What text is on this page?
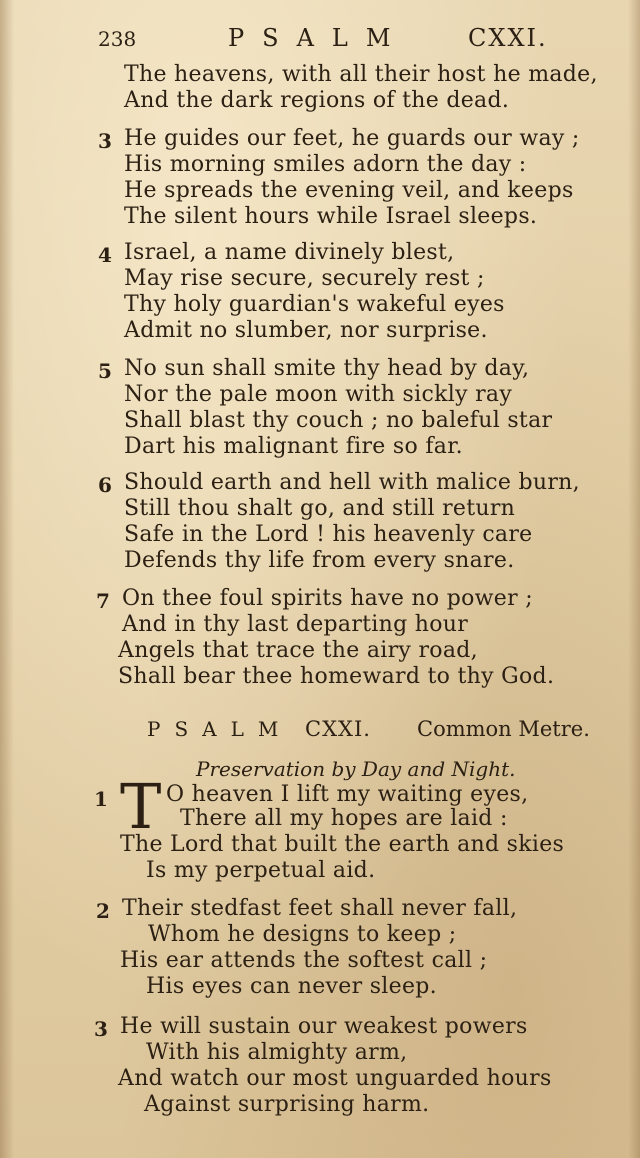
238	PSALM CXXI.
The heavens, with all their host he made,
And the dark regions of the dead.
3 He guides our feet, he guards our way ;
His morning smiles adorn the day :
He spreads the evening veil, and keeps
The silent hours while Israel sleeps.
4 Israel, a name divinely blest,
May rise secure, securely rest ;
Thy holy guardian's wakeful eyes
Admit no slumber, nor surprise.
5 No sun shall smite thy head by day,
Nor the pale moon with sickly ray
Shall blast thy couch ; no baleful star
Dart his malignant fire so far.
6 Should earth and hell with malice burn,
Still thou shalt go, and still return
Safe in the Lord ! his heavenly care
Defends thy life from every snare.
7 On thee foul spirits have no power ;
And in thy last departing hour
Angels that trace the airy road,
Shall bear thee homeward to thy God.
PSALM CXXI. Common Metre.
Preservation by Day and Night.
1 T O heaven I lift my waiting eyes,
There all my hopes are laid :
The Lord that built the earth and skies
Is my perpetual aid.
2 Their stedfast feet shall never fall,
Whom he designs to keep ;
His ear attends the softest call ;
His eyes can never sleep.
3 He will sustain our weakest powers
With his almighty arm,
And watch our most unguarded hours
Against surprising harm.
